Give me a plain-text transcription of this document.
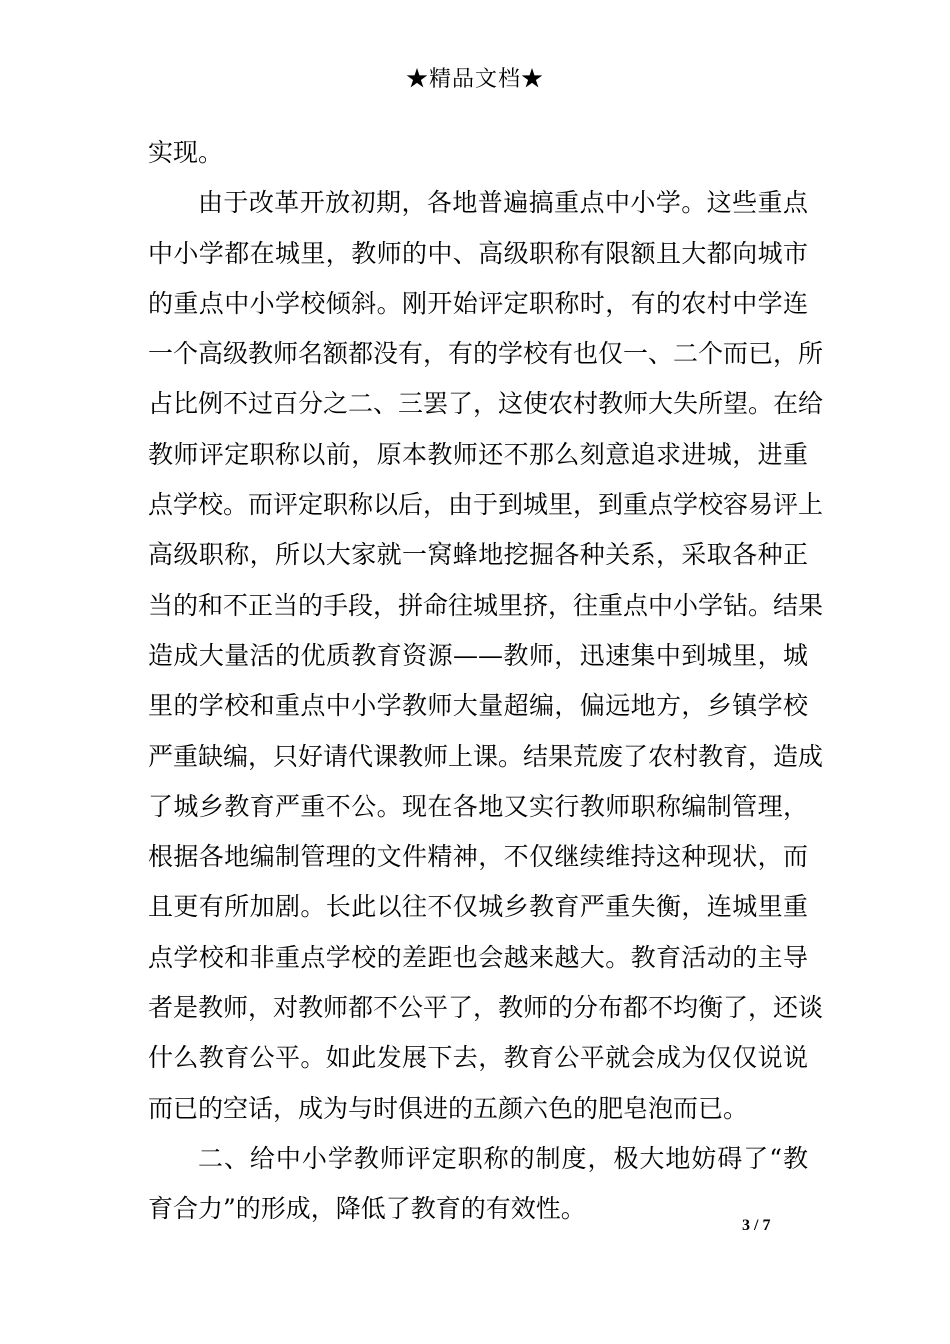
★精品文档★
实现。
由于改革开放初期，各地普遍搞重点中小学。这些重点
中小学都在城里，教师的中、高级职称有限额且大都向城市
的重点中小学校倾斜。刚开始评定职称时，有的农村中学连
一个高级教师名额都没有，有的学校有也仅一、二个而已，所
占比例不过百分之二、三罢了，这使农村教师大失所望。在给
教师评定职称以前，原本教师还不那么刻意追求进城，进重
点学校。而评定职称以后，由于到城里，到重点学校容易评上
高级职称，所以大家就一窝蜂地挖掘各种关系，采取各种正
当的和不正当的手段，拼命往城里挤，往重点中小学钻。结果
造成大量活的优质教育资源——教师，迅速集中到城里，城
里的学校和重点中小学教师大量超编，偏远地方，乡镇学校
严重缺编，只好请代课教师上课。结果荒废了农村教育，造成
了城乡教育严重不公。现在各地又实行教师职称编制管理，
根据各地编制管理的文件精神，不仅继续维持这种现状，而
且更有所加剧。长此以往不仅城乡教育严重失衡，连城里重
点学校和非重点学校的差距也会越来越大。教育活动的主导
者是教师，对教师都不公平了，教师的分布都不均衡了，还谈
什么教育公平。如此发展下去，教育公平就会成为仅仅说说
而已的空话，成为与时俱进的五颜六色的肥皂泡而已。
二、给中小学教师评定职称的制度，极大地妨碍了“教
育合力”的形成，降低了教育的有效性。
3 / 7
